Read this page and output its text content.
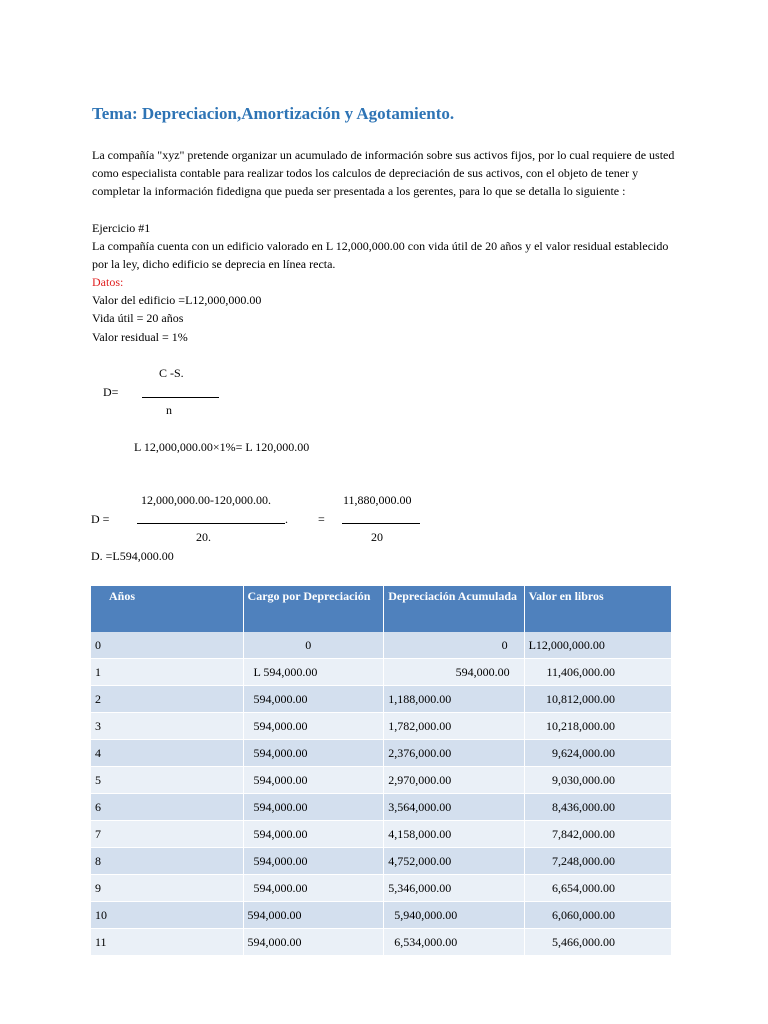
Tema: Depreciacion,Amortización y Agotamiento.
La compañía "xyz" pretende organizar un acumulado de información sobre sus activos fijos, por lo cual requiere de usted como especialista contable para realizar todos los calculos de depreciación de sus activos, con el objeto de tener y completar la información fidedigna que pueda ser presentada a los gerentes, para lo que se detalla lo siguiente :
Ejercicio #1
La compañía cuenta con un edificio valorado en L 12,000,000.00 con vida útil de 20 años y el valor residual establecido por la ley, dicho edificio se deprecia en línea recta.
Datos:
Valor del edificio =L12,000,000.00
Vida útil = 20 años
Valor residual = 1%
C -S.
D=
n
L 12,000,000.00×1%= L 120,000.00
12,000,000.00-120,000.00.	11,880,000.00
D =	.	=
20.	20
D. =L594,000.00
Años	Cargo por Depreciación	Depreciación Acumulada	Valor en libros
0	0	0	L12,000,000.00
1	L 594,000.00	594,000.00	11,406,000.00
2	594,000.00	1,188,000.00	10,812,000.00
3	594,000.00	1,782,000.00	10,218,000.00
4	594,000.00	2,376,000.00	9,624,000.00
5	594,000.00	2,970,000.00	9,030,000.00
6	594,000.00	3,564,000.00	8,436,000.00
7	594,000.00	4,158,000.00	7,842,000.00
8	594,000.00	4,752,000.00	7,248,000.00
9	594,000.00	5,346,000.00	6,654,000.00
10	594,000.00	5,940,000.00	6,060,000.00
11	594,000.00	6,534,000.00	5,466,000.00
